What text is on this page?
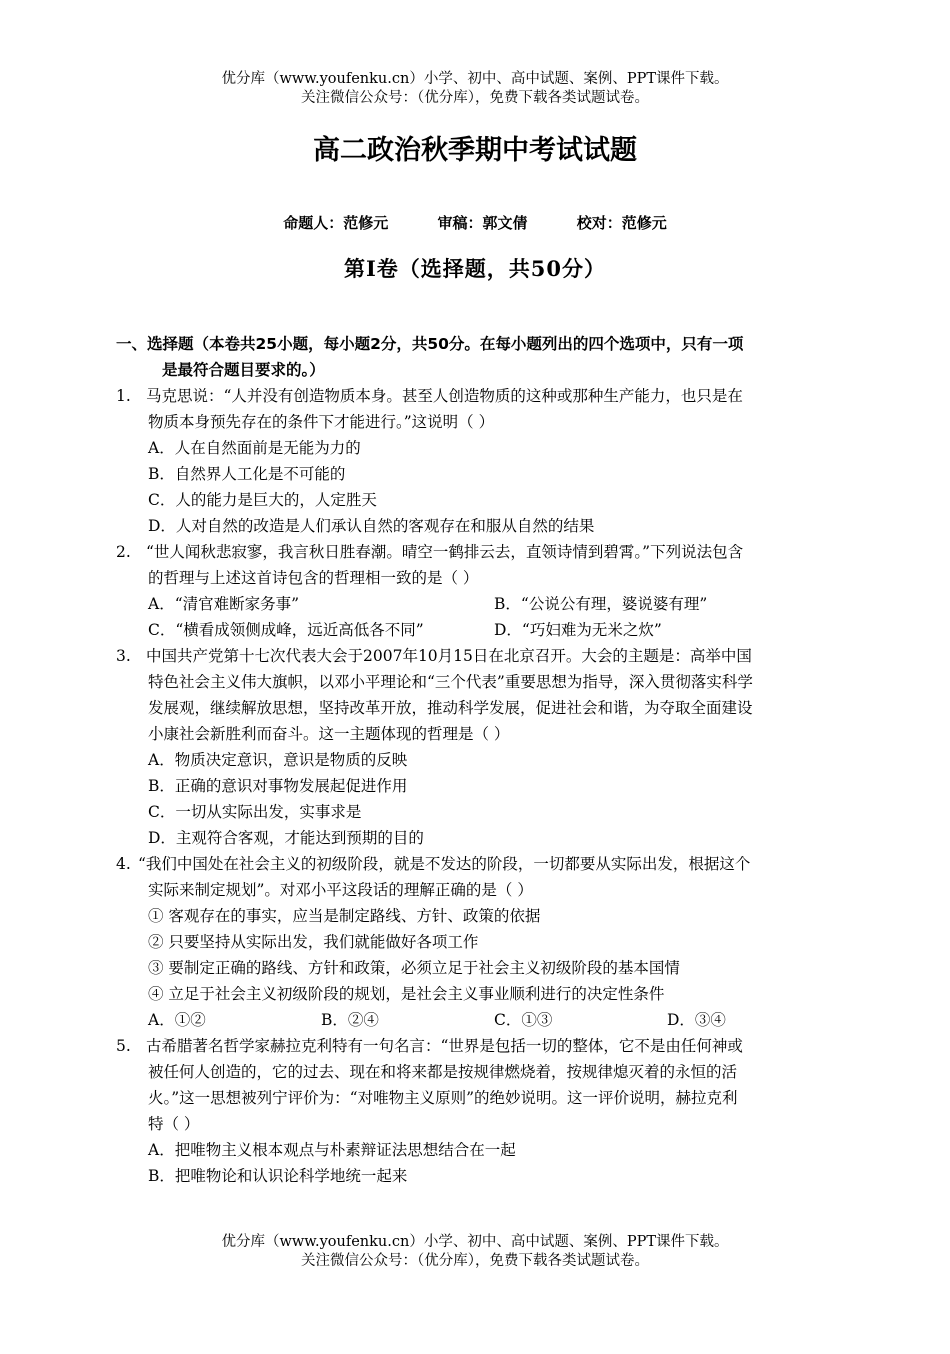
优分库（www.youfenku.cn）小学、初中、高中试题、案例、PPT课件下载。
关注微信公众号：（优分库），免费下载各类试题试卷。
高二政治秋季期中考试试题
命题人：范修元	审稿：郭文倩	校对：范修元
第Ⅰ卷（选择题，共50分）
一、选择题（本卷共25小题，每小题2分，共50分。在每小题列出的四个选项中，只有一项
是最符合题目要求的。）
1. 马克思说：“人并没有创造物质本身。甚至人创造物质的这种或那种生产能力，也只是在
物质本身预先存在的条件下才能进行。”这说明（ ）
A．人在自然面前是无能为力的
B．自然界人工化是不可能的
C．人的能力是巨大的，人定胜天
D．人对自然的改造是人们承认自然的客观存在和服从自然的结果
2. “世人闻秋悲寂寥，我言秋日胜春潮。晴空一鹤排云去，直领诗情到碧霄。”下列说法包含
的哲理与上述这首诗包含的哲理相一致的是（ ）
A．“清官难断家务事”	B．“公说公有理，婆说婆有理”
C．“横看成领侧成峰，远近高低各不同”	D．“巧妇难为无米之炊”
3. 中国共产党第十七次代表大会于2007年10月15日在北京召开。大会的主题是：高举中国
特色社会主义伟大旗帜，以邓小平理论和“三个代表”重要思想为指导，深入贯彻落实科学
发展观，继续解放思想，坚持改革开放，推动科学发展，促进社会和谐，为夺取全面建设
小康社会新胜利而奋斗。这一主题体现的哲理是（ ）
A．物质决定意识，意识是物质的反映
B．正确的意识对事物发展起促进作用
C．一切从实际出发，实事求是
D．主观符合客观，才能达到预期的目的
4. “我们中国处在社会主义的初级阶段，就是不发达的阶段，一切都要从实际出发，根据这个
实际来制定规划”。对邓小平这段话的理解正确的是（ ）
① 客观存在的事实，应当是制定路线、方针、政策的依据
② 只要坚持从实际出发，我们就能做好各项工作
③ 要制定正确的路线、方针和政策，必须立足于社会主义初级阶段的基本国情
④ 立足于社会主义初级阶段的规划，是社会主义事业顺利进行的决定性条件
A．①②	B．②④	C．①③	D．③④
5. 古希腊著名哲学家赫拉克利特有一句名言：“世界是包括一切的整体，它不是由任何神或
被任何人创造的，它的过去、现在和将来都是按规律燃烧着，按规律熄灭着的永恒的活
火。”这一思想被列宁评价为：“对唯物主义原则”的绝妙说明。这一评价说明，赫拉克利
特（ ）
A．把唯物主义根本观点与朴素辩证法思想结合在一起
B．把唯物论和认识论科学地统一起来
优分库（www.youfenku.cn）小学、初中、高中试题、案例、PPT课件下载。
关注微信公众号：（优分库），免费下载各类试题试卷。
